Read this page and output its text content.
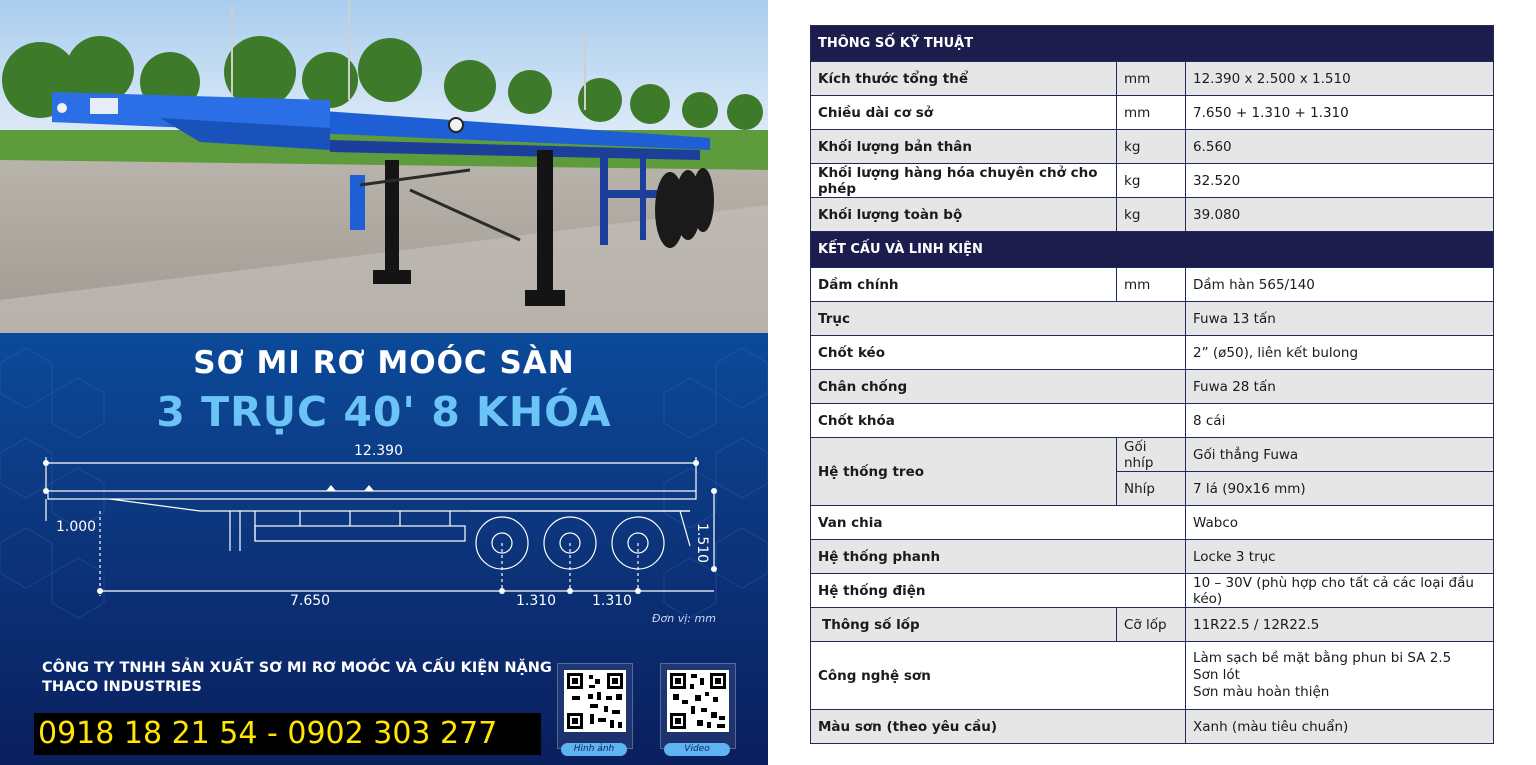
SƠ MI RƠ MOÓC SÀN
3 TRỤC 40' 8 KHÓA
12.390
1.000	1.510
7.650	1.310	1.310
Đơn vị: mm
CÔNG TY TNHH SẢN XUẤT SƠ MI RƠ MOÓC VÀ CẤU KIỆN NẶNG
THACO INDUSTRIES
0918 18 21 54 - 0902 303 277	Hình ảnh	Video
THÔNG SỐ KỸ THUẬT		
Kích thước tổng thể	mm	12.390 x 2.500 x 1.510
Chiều dài cơ sở	mm	7.650 + 1.310 + 1.310
Khối lượng bản thân	kg	6.560
Khối lượng hàng hóa chuyên chở cho phép	kg	32.520
Khối lượng toàn bộ	kg	39.080
KẾT CẤU VÀ LINH KIỆN		
Dầm chính	mm	Dầm hàn 565/140
Trục		Fuwa 13 tấn
Chốt kéo		2” (ø50), liên kết bulong
Chân chống		Fuwa 28 tấn
Chốt khóa		8 cái
Hệ thống treo	Gối nhíp	Gối thẳng Fuwa
	Nhíp	7 lá (90x16 mm)
Van chia		Wabco
Hệ thống phanh		Locke 3 trục
Hệ thống điện		10 – 30V (phù hợp cho tất cả các loại đầu kéo)
Thông số lốp	Cỡ lốp	11R22.5 / 12R22.5
Công nghệ sơn		Làm sạch bề mặt bằng phun bi SA 2.5
Sơn lót
Sơn màu hoàn thiện

Màu sơn (theo yêu cầu)		Xanh (màu tiêu chuẩn)
